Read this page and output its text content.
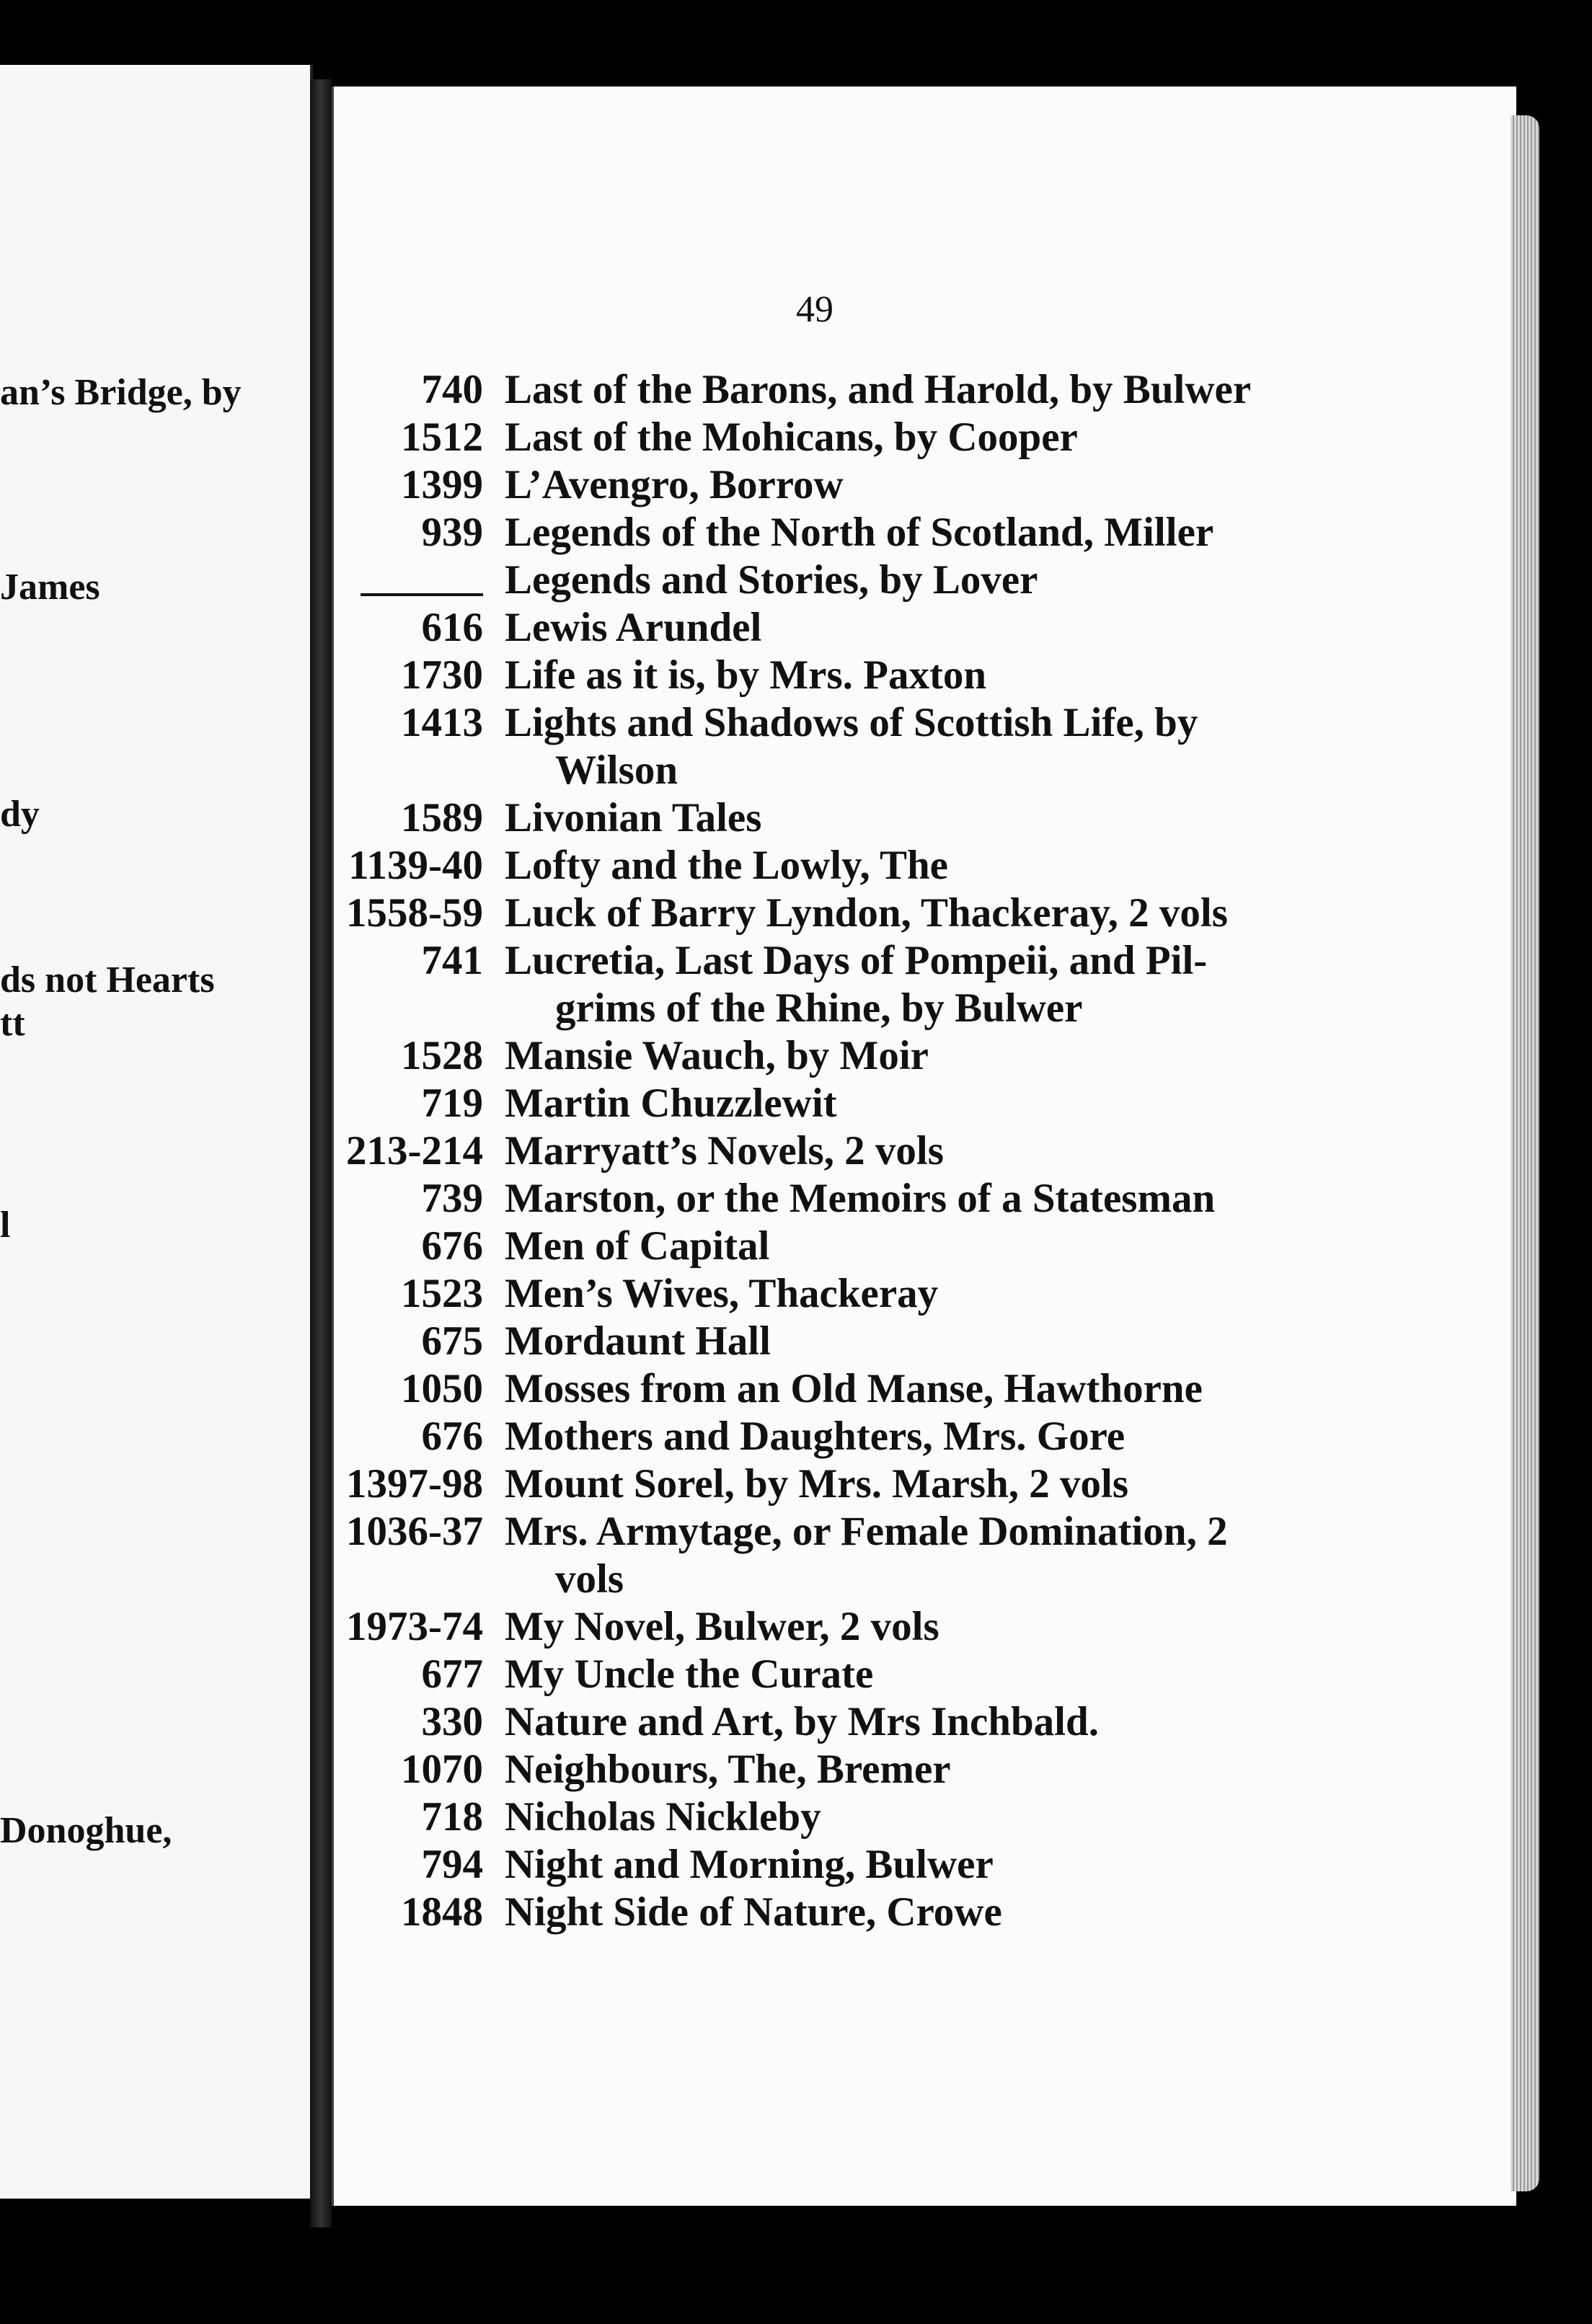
an’s Bridge, by
James
dy
ds not Hearts
tt
l
Donoghue,
49
740 Last of the Barons, and Harold, by Bulwer
1512 Last of the Mohicans, by Cooper
1399 L’Avengro, Borrow
939 Legends of the North of Scotland, Miller
Legends and Stories, by Lover
616 Lewis Arundel
1730 Life as it is, by Mrs. Paxton
1413 Lights and Shadows of Scottish Life, by
Wilson
1589 Livonian Tales
1139-40 Lofty and the Lowly, The
1558-59 Luck of Barry Lyndon, Thackeray, 2 vols
741 Lucretia, Last Days of Pompeii, and Pil-
grims of the Rhine, by Bulwer
1528 Mansie Wauch, by Moir
719 Martin Chuzzlewit
213-214 Marryatt’s Novels, 2 vols
739 Marston, or the Memoirs of a Statesman
676 Men of Capital
1523 Men’s Wives, Thackeray
675 Mordaunt Hall
1050 Mosses from an Old Manse, Hawthorne
676 Mothers and Daughters, Mrs. Gore
1397-98 Mount Sorel, by Mrs. Marsh, 2 vols
1036-37 Mrs. Armytage, or Female Domination, 2
vols
1973-74 My Novel, Bulwer, 2 vols
677 My Uncle the Curate
330 Nature and Art, by Mrs Inchbald.
1070 Neighbours, The, Bremer
718 Nicholas Nickleby
794 Night and Morning, Bulwer
1848 Night Side of Nature, Crowe
